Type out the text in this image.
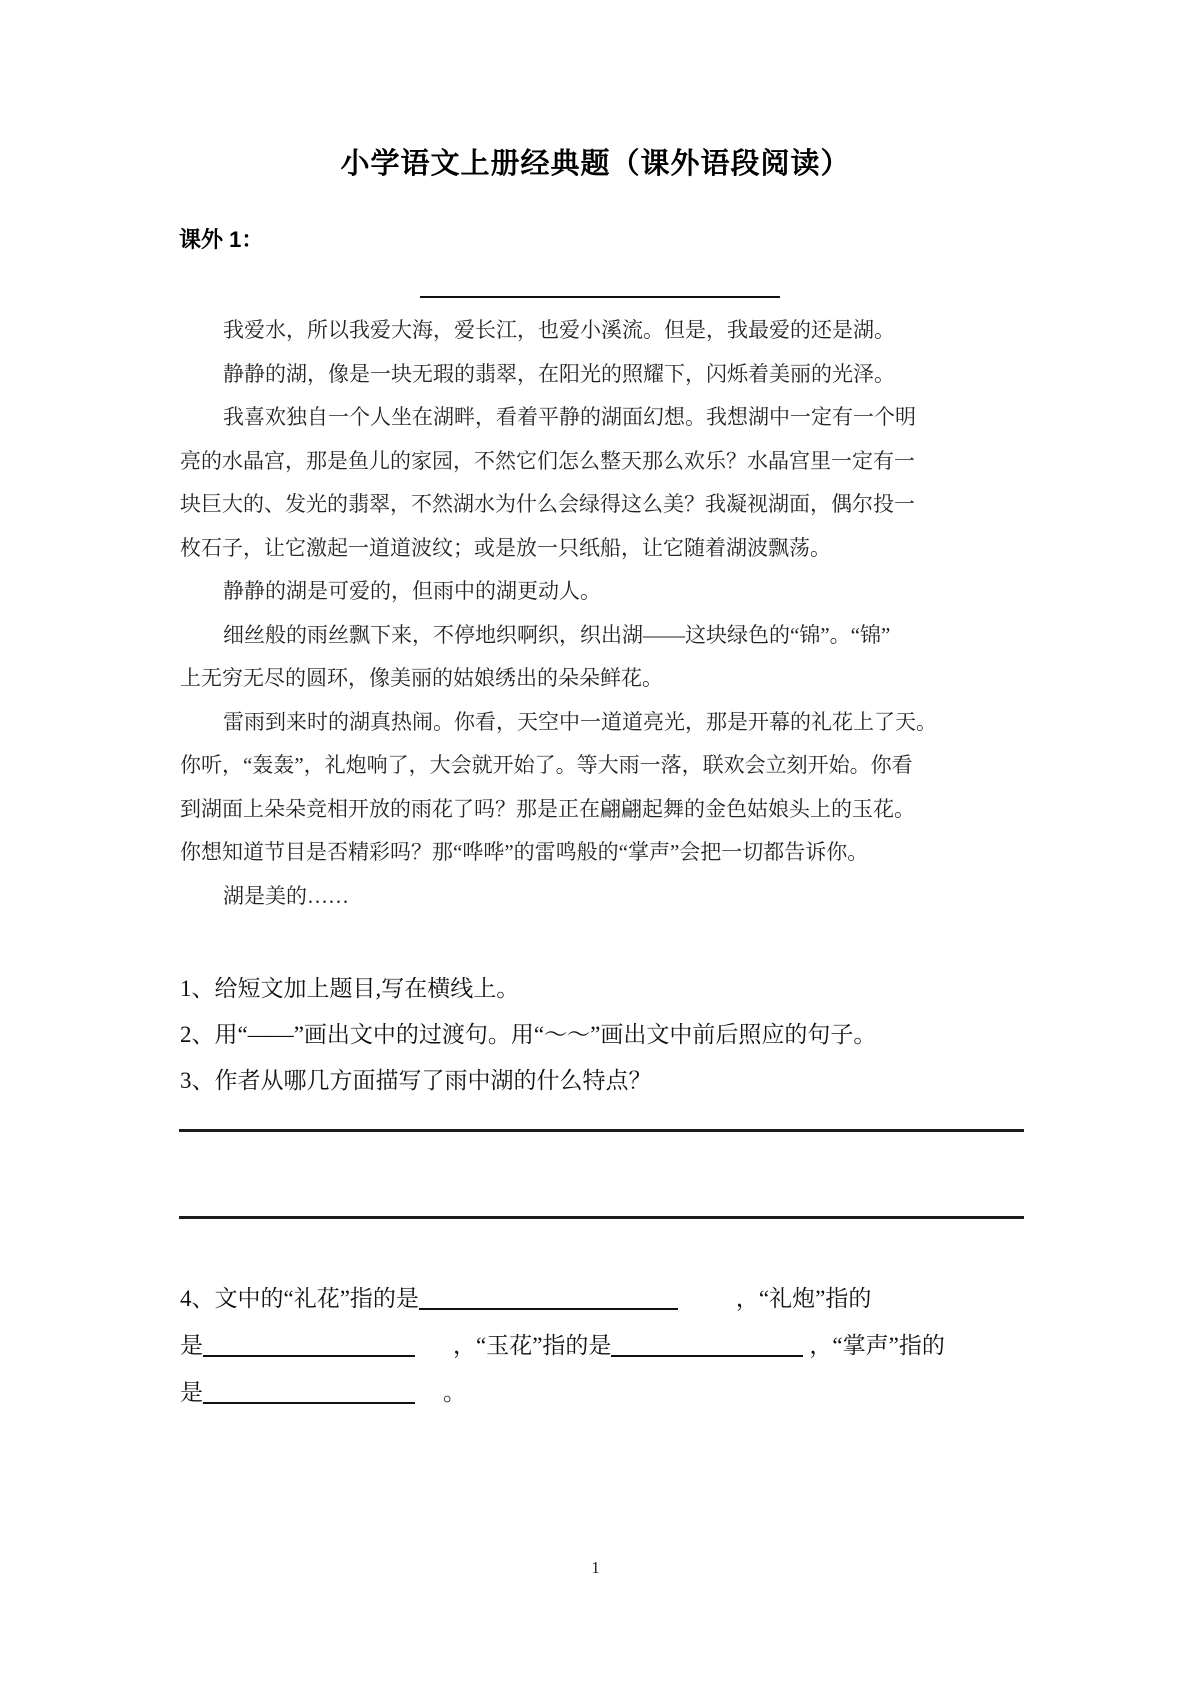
小学语文上册经典题（课外语段阅读）
课外 1：
我爱水，所以我爱大海，爱长江，也爱小溪流。但是，我最爱的还是湖。
静静的湖，像是一块无瑕的翡翠，在阳光的照耀下，闪烁着美丽的光泽。
我喜欢独自一个人坐在湖畔，看着平静的湖面幻想。我想湖中一定有一个明
亮的水晶宫，那是鱼儿的家园，不然它们怎么整天那么欢乐？水晶宫里一定有一
块巨大的、发光的翡翠，不然湖水为什么会绿得这么美？我凝视湖面，偶尔投一
枚石子，让它激起一道道波纹；或是放一只纸船，让它随着湖波飘荡。
静静的湖是可爱的，但雨中的湖更动人。
细丝般的雨丝飘下来，不停地织啊织，织出湖——这块绿色的“锦”。“锦”
上无穷无尽的圆环，像美丽的姑娘绣出的朵朵鲜花。
雷雨到来时的湖真热闹。你看，天空中一道道亮光，那是开幕的礼花上了天。
你听，“轰轰”，礼炮响了，大会就开始了。等大雨一落，联欢会立刻开始。你看
到湖面上朵朵竞相开放的雨花了吗？那是正在翩翩起舞的金色姑娘头上的玉花。
你想知道节目是否精彩吗？那“哗哗”的雷鸣般的“掌声”会把一切都告诉你。
湖是美的……
1、给短文加上题目,写在横线上。
2、用“——”画出文中的过渡句。用“～～”画出文中前后照应的句子。
3、作者从哪几方面描写了雨中湖的什么特点？
4、文中的“礼花”指的是	，“礼炮”指的
是	，“玉花”指的是	，“掌声”指的
是	。
1
